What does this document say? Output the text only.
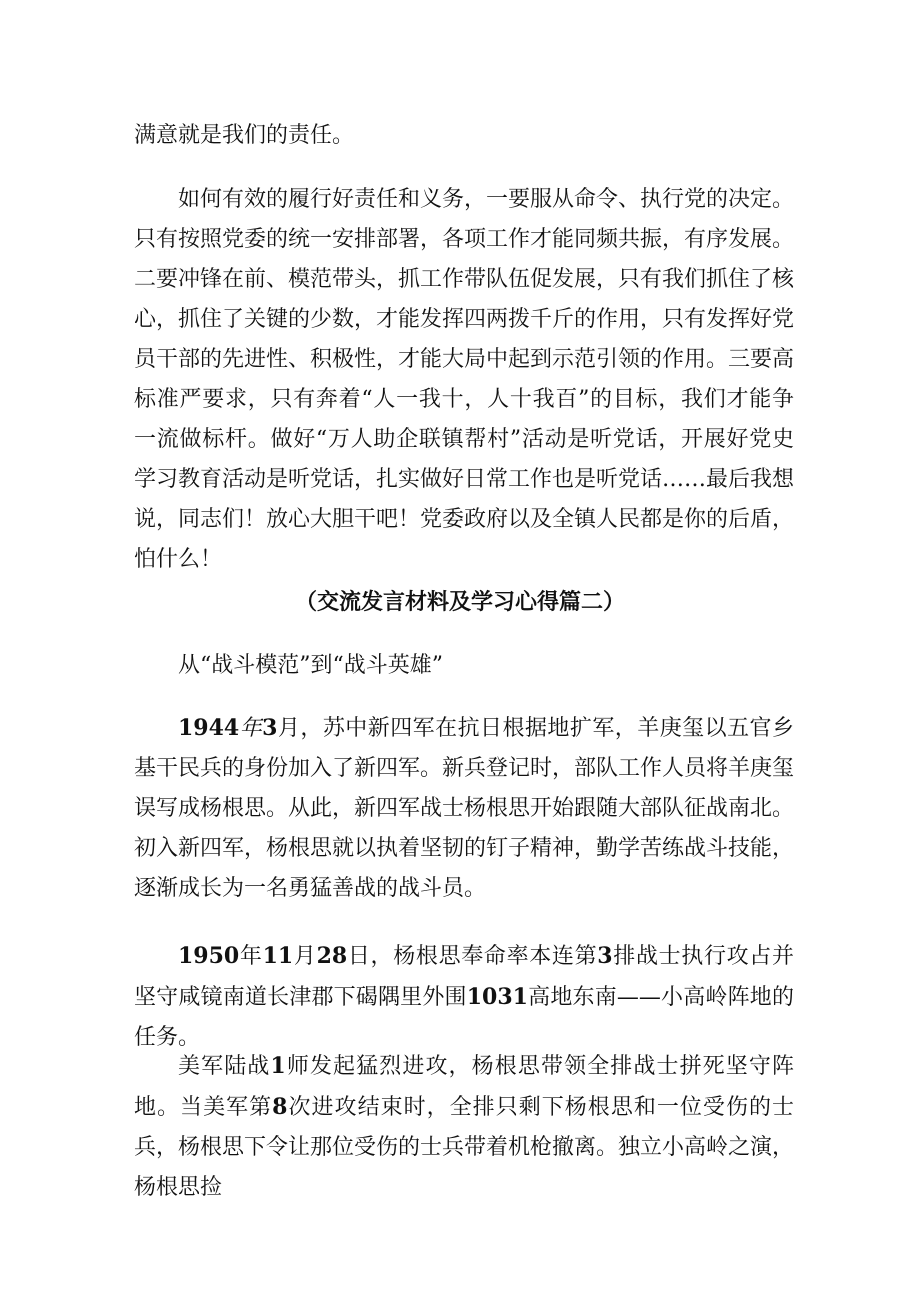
满意就是我们的责任。

如何有效的履行好责任和义务，一要服从命令、执行党的决定。只有按照党委的统一安排部署，各项工作才能同频共振，有序发展。二要冲锋在前、模范带头，抓工作带队伍促发展，只有我们抓住了核心，抓住了关键的少数，才能发挥四两拨千斤的作用，只有发挥好党员干部的先进性、积极性，才能大局中起到示范引领的作用。三要高标准严要求，只有奔着“人一我十，人十我百”的目标，我们才能争一流做标杆。做好“万人助企联镇帮村”活动是听党话，开展好党史学习教育活动是听党话，扎实做好日常工作也是听党话……最后我想说，同志们！放心大胆干吧！党委政府以及全镇人民都是你的后盾，怕什么！

（交流发言材料及学习心得篇二）

从“战斗模范”到“战斗英雄”

1944年3月，苏中新四军在抗日根据地扩军，羊庚玺以五官乡基干民兵的身份加入了新四军。新兵登记时，部队工作人员将羊庚玺误写成杨根思。从此，新四军战士杨根思开始跟随大部队征战南北。初入新四军，杨根思就以执着坚韧的钉子精神，勤学苦练战斗技能，逐渐成长为一名勇猛善战的战斗员。

1950年11月28日，杨根思奉命率本连第3排战士执行攻占并坚守咸镜南道长津郡下碣隅里外围1031高地东南——小高岭阵地的任务。

美军陆战1师发起猛烈进攻，杨根思带领全排战士拼死坚守阵地。当美军第8次进攻结束时，全排只剩下杨根思和一位受伤的士兵，杨根思下令让那位受伤的士兵带着机枪撤离。独立小高岭之演，杨根思捡
